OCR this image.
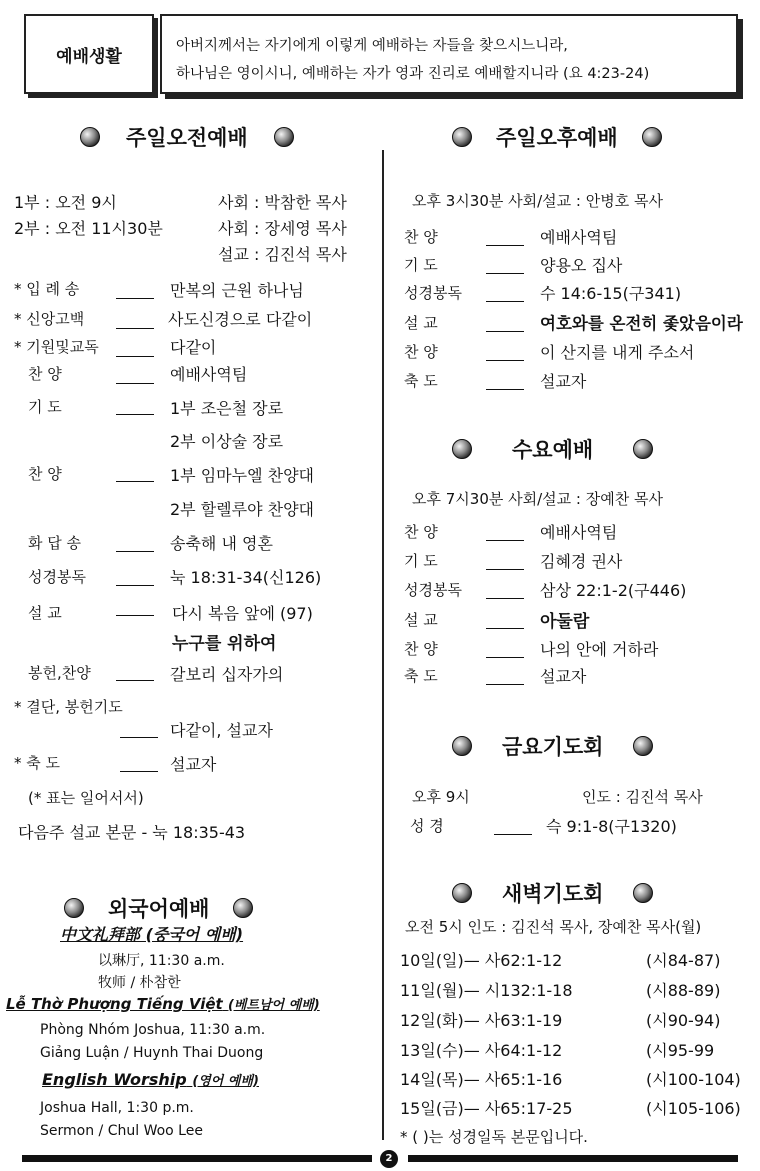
예배생활
아버지께서는 자기에게 이렇게 예배하는 자들을 찾으시느니라,
하나님은 영이시니, 예배하는 자가 영과 진리로 예배할지니라 (요 4:23-24)
주일오전예배
1부 : 오전 9시	사회 : 박참한 목사
2부 : 오전 11시30분	사회 : 장세영 목사
설교 : 김진석 목사
* 입 례 송	만복의 근원 하나님
* 신앙고백	사도신경으로 다같이
* 기원및교독	다같이
찬 양	예배사역팀
기 도	1부 조은철 장로
2부 이상술 장로
찬 양	1부 임마누엘 찬양대
2부 할렐루야 찬양대
화 답 송	송축해 내 영혼
성경봉독	눅 18:31-34(신126)
설 교	다시 복음 앞에 (97)
누구를 위하여
봉헌,찬양	갈보리 십자가의
* 결단, 봉헌기도
다같이, 설교자
* 축 도	설교자
(* 표는 일어서서)
다음주 설교 본문 - 눅 18:35-43
외국어예배
中文礼拜部 (중국어 예배)
以琳厅, 11:30 a.m.
牧师 / 朴참한
Lễ Thờ Phượng Tiếng Việt (베트남어 예배)
Phòng Nhóm Joshua, 11:30 a.m.
Giảng Luận / Huynh Thai Duong
English Worship (영어 예배)
Joshua Hall, 1:30 p.m.
Sermon / Chul Woo Lee
주일오후예배
오후 3시30분 사회/설교 : 안병호 목사
찬 양	예배사역팀
기 도	양용오 집사
성경봉독	수 14:6-15(구341)
설 교	여호와를 온전히 좇았음이라
찬 양	이 산지를 내게 주소서
축 도	설교자
수요예배
오후 7시30분 사회/설교 : 장예찬 목사
찬 양	예배사역팀
기 도	김혜경 권사
성경봉독	삼상 22:1-2(구446)
설 교	아둘람
찬 양	나의 안에 거하라
축 도	설교자
금요기도회
오후 9시	인도 : 김진석 목사
성 경	슥 9:1-8(구1320)
새벽기도회
오전 5시 인도 : 김진석 목사, 장예찬 목사(월)
10일(일)— 사62:1-12	(시84-87)
11일(월)— 시132:1-18	(시88-89)
12일(화)— 사63:1-19	(시90-94)
13일(수)— 사64:1-12	(시95-99
14일(목)— 사65:1-16	(시100-104)
15일(금)— 사65:17-25	(시105-106)
* ( )는 성경일독 본문입니다.
2
